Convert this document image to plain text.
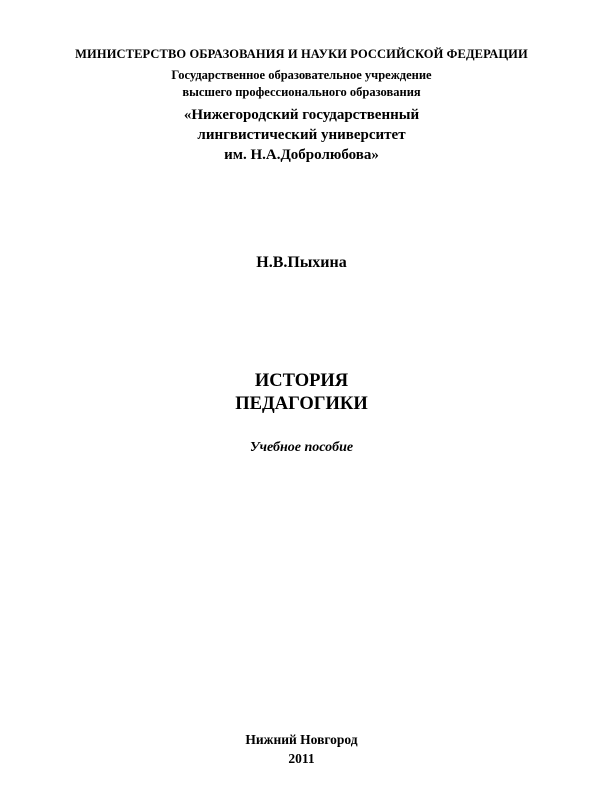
МИНИСТЕРСТВО ОБРАЗОВАНИЯ И НАУКИ РОССИЙСКОЙ ФЕДЕРАЦИИ
Государственное образовательное учреждение
высшего профессионального образования
«Нижегородский государственный
лингвистический университет
им. Н.А.Добролюбова»
Н.В.Пыхина
ИСТОРИЯ
ПЕДАГОГИКИ
Учебное пособие
Нижний Новгород
2011
